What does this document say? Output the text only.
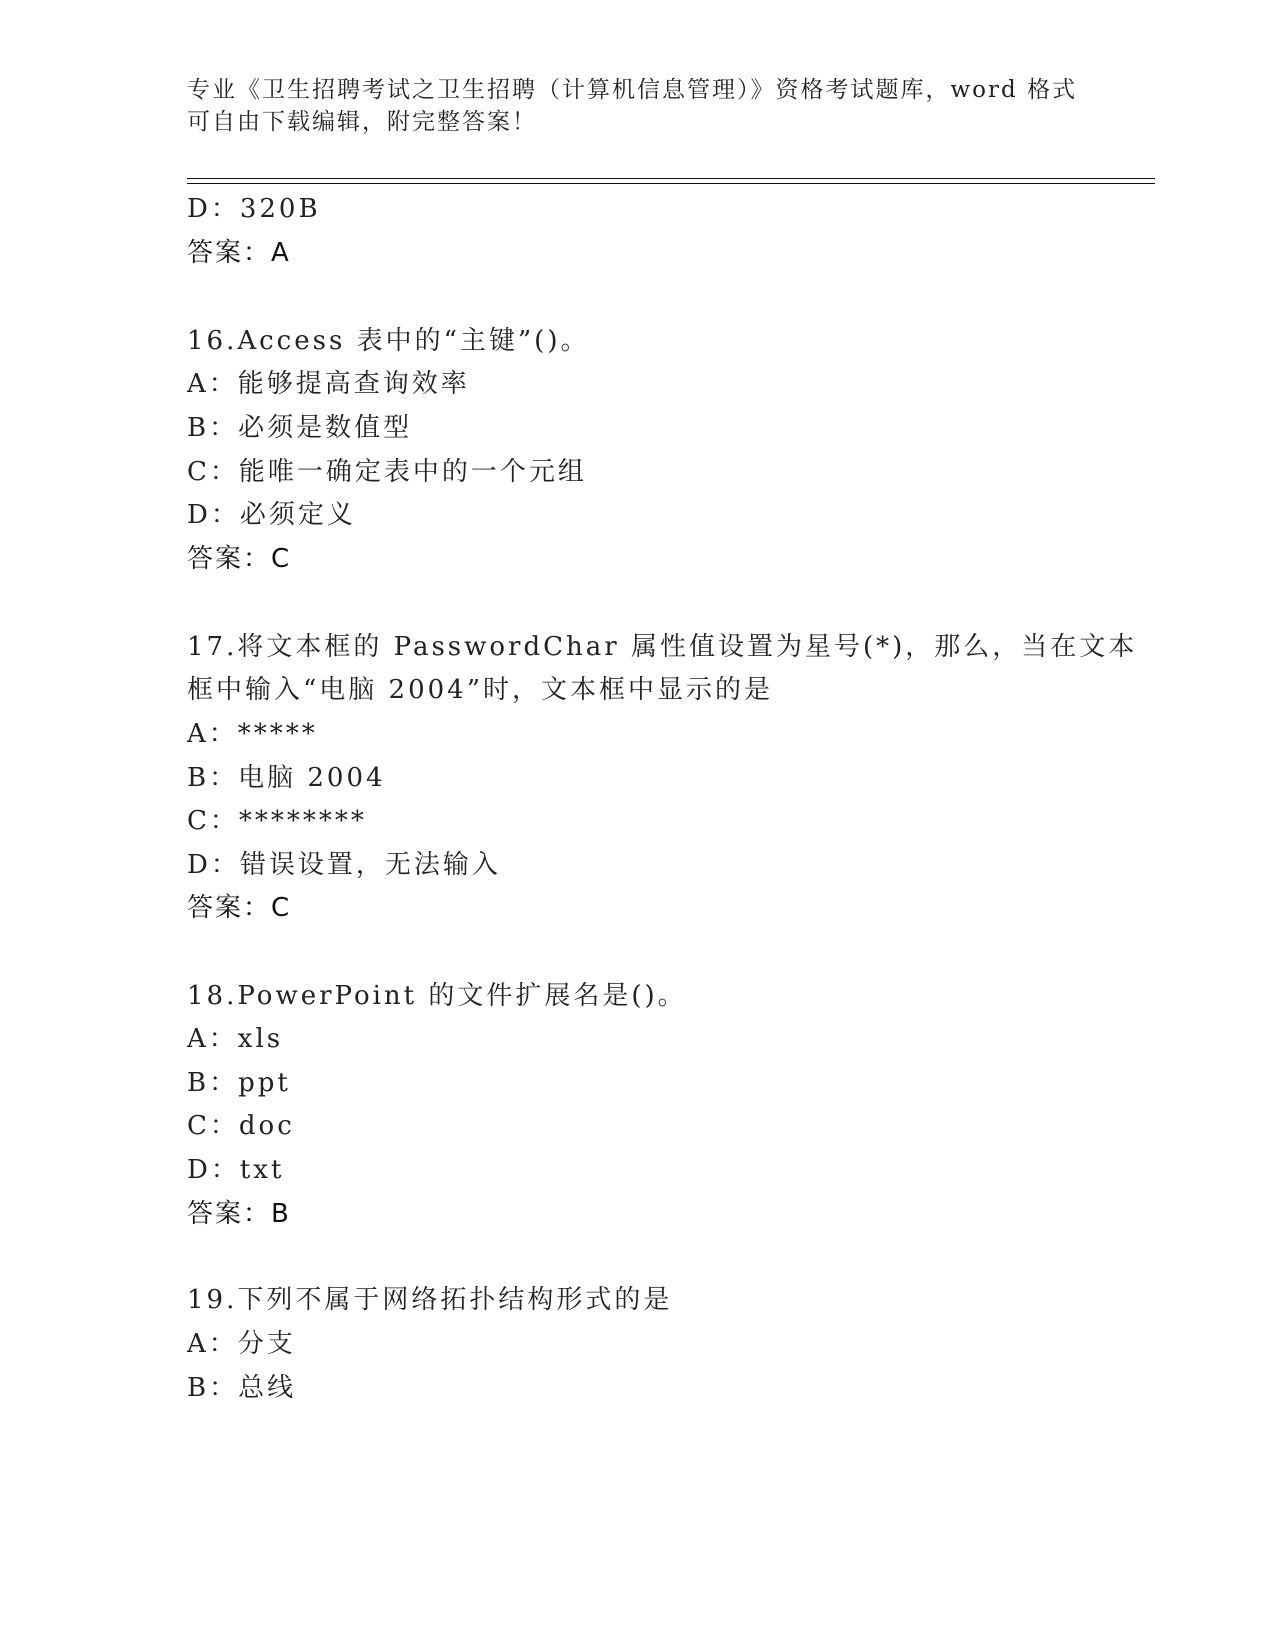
专业《卫生招聘考试之卫生招聘（计算机信息管理）》资格考试题库，word 格式
可自由下载编辑，附完整答案！
D：320B
答案：A
16.Access 表中的“主键”()。
A：能够提高查询效率
B：必须是数值型
C：能唯一确定表中的一个元组
D：必须定义
答案：C
17.将文本框的 PasswordChar 属性值设置为星号(*)，那么，当在文本
框中输入“电脑 2004”时，文本框中显示的是
A：*****
B：电脑 2004
C：********
D：错误设置，无法输入
答案：C
18.PowerPoint 的文件扩展名是()。
A：xls
B：ppt
C：doc
D：txt
答案：B
19.下列不属于网络拓扑结构形式的是
A：分支
B：总线
